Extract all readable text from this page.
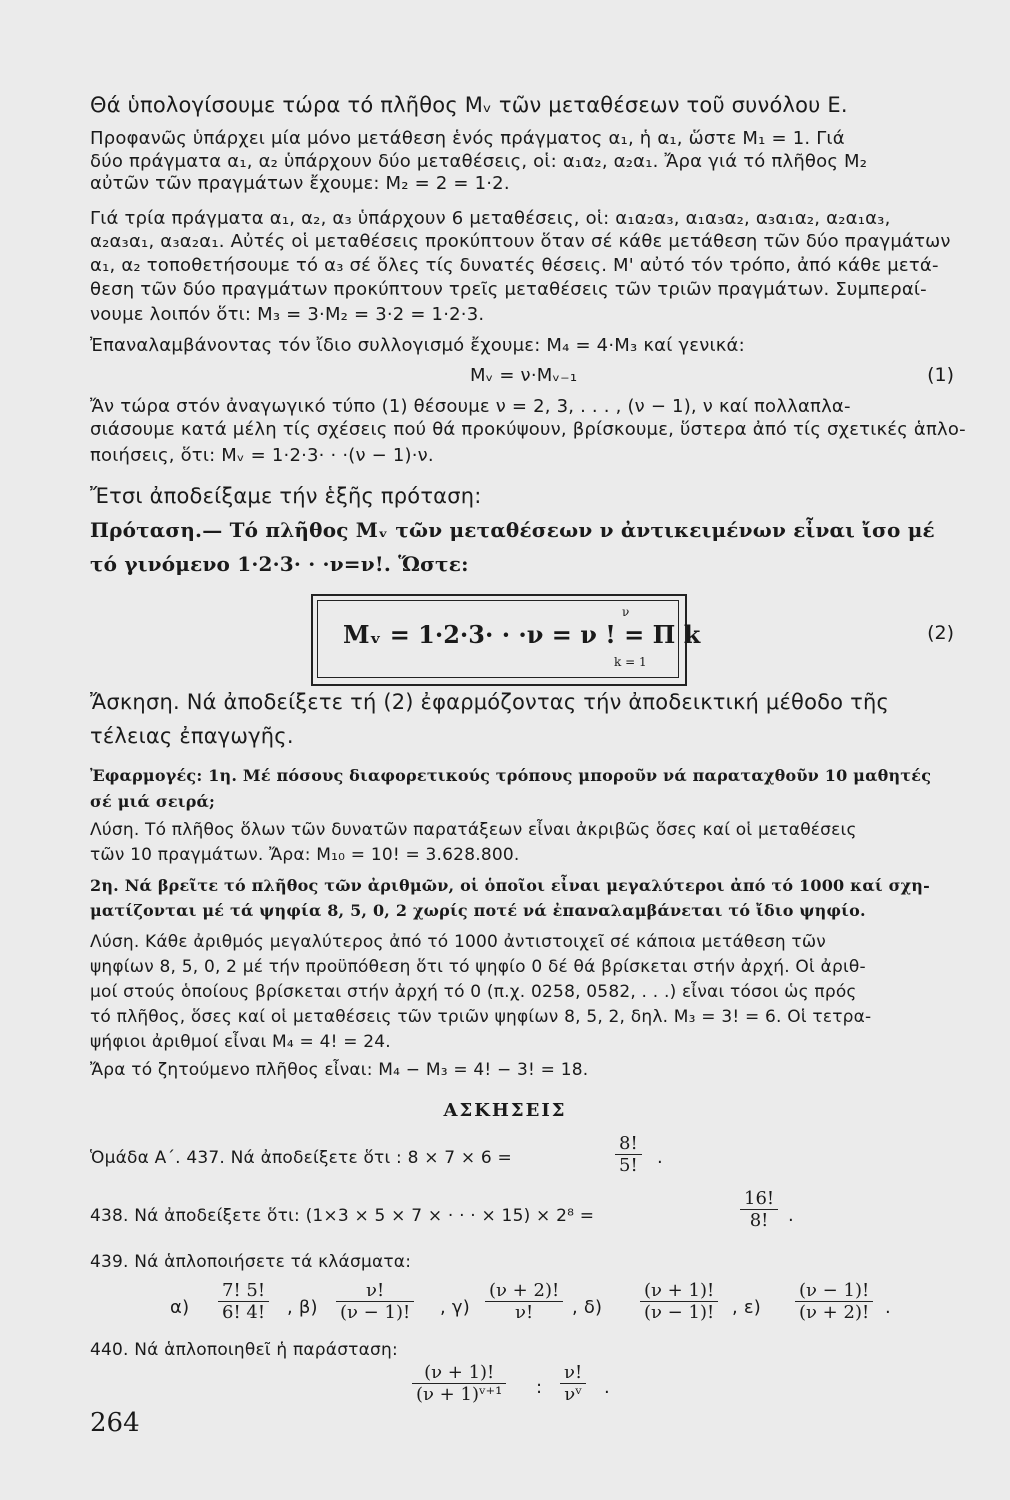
Θά ὑπολογίσουμε τώρα τό πλῆθος Mᵥ τῶν μεταθέσεων τοῦ συνόλου E.
Προφανῶς ὑπάρχει μία μόνο μετάθεση ἑνός πράγματος α₁, ἡ α₁, ὥστε M₁ = 1. Γιά
δύο πράγματα α₁, α₂ ὑπάρχουν δύο μεταθέσεις, οἱ: α₁α₂, α₂α₁. Ἄρα γιά τό πλῆθος M₂
αὐτῶν τῶν πραγμάτων ἔχουμε: M₂ = 2 = 1·2.
Γιά τρία πράγματα α₁, α₂, α₃ ὑπάρχουν 6 μεταθέσεις, οἱ: α₁α₂α₃, α₁α₃α₂, α₃α₁α₂, α₂α₁α₃,
α₂α₃α₁, α₃α₂α₁. Αὐτές οἱ μεταθέσεις προκύπτουν ὅταν σέ κάθε μετάθεση τῶν δύο πραγμάτων
α₁, α₂ τοποθετήσουμε τό α₃ σέ ὅλες τίς δυνατές θέσεις. Μ' αὐτό τόν τρόπο, ἀπό κάθε μετά-
θεση τῶν δύο πραγμάτων προκύπτουν τρεῖς μεταθέσεις τῶν τριῶν πραγμάτων. Συμπεραί-
νουμε λοιπόν ὅτι: M₃ = 3·M₂ = 3·2 = 1·2·3.
Ἐπαναλαμβάνοντας τόν ἴδιο συλλογισμό ἔχουμε: M₄ = 4·M₃ καί γενικά:
Mᵥ = ν·Mᵥ₋₁	(1)
Ἄν τώρα στόν ἀναγωγικό τύπο (1) θέσουμε ν = 2, 3, . . . , (ν − 1), ν καί πολλαπλα-
σιάσουμε κατά μέλη τίς σχέσεις πού θά προκύψουν, βρίσκουμε, ὕστερα ἀπό τίς σχετικές ἁπλο-
ποιήσεις, ὅτι: Mᵥ = 1·2·3· · ·(ν − 1)·ν.
Ἔτσι ἀποδείξαμε τήν ἑξῆς πρόταση:
Πρόταση.— Τό πλῆθος Mᵥ τῶν μεταθέσεων ν ἀντικειμένων εἶναι ἴσο μέ
τό γινόμενο 1·2·3· · ·ν=ν!. Ὥστε:
Mᵥ = 1·2·3· · ·ν = ν ! = Π k
ν
k = 1
(2)
Ἄσκηση. Νά ἀποδείξετε τή (2) ἐφαρμόζοντας τήν ἀποδεικτική μέθοδο τῆς
τέλειας ἐπαγωγῆς.
Ἐφαρμογές: 1η. Μέ πόσους διαφορετικούς τρόπους μποροῦν νά παραταχθοῦν 10 μαθητές
σέ μιά σειρά;
Λύση. Τό πλῆθος ὅλων τῶν δυνατῶν παρατάξεων εἶναι ἀκριβῶς ὅσες καί οἱ μεταθέσεις
τῶν 10 πραγμάτων. Ἄρα: M₁₀ = 10! = 3.628.800.
2η. Νά βρεῖτε τό πλῆθος τῶν ἀριθμῶν, οἱ ὁποῖοι εἶναι μεγαλύτεροι ἀπό τό 1000 καί σχη-
ματίζονται μέ τά ψηφία 8, 5, 0, 2 χωρίς ποτέ νά ἐπαναλαμβάνεται τό ἴδιο ψηφίο.
Λύση. Κάθε ἀριθμός μεγαλύτερος ἀπό τό 1000 ἀντιστοιχεῖ σέ κάποια μετάθεση τῶν
ψηφίων 8, 5, 0, 2 μέ τήν προϋπόθεση ὅτι τό ψηφίο 0 δέ θά βρίσκεται στήν ἀρχή. Οἱ ἀριθ-
μοί στούς ὁποίους βρίσκεται στήν ἀρχή τό 0 (π.χ. 0258, 0582, . . .) εἶναι τόσοι ὡς πρός
τό πλῆθος, ὅσες καί οἱ μεταθέσεις τῶν τριῶν ψηφίων 8, 5, 2, δηλ. M₃ = 3! = 6. Οἱ τετρα-
ψήφιοι ἀριθμοί εἶναι M₄ = 4! = 24.
Ἄρα τό ζητούμενο πλῆθος εἶναι: M₄ − M₃ = 4! − 3! = 18.
ΑΣΚΗΣΕΙΣ
Ὁμάδα Α΄. 437. Νά ἀποδείξετε ὅτι : 8 × 7 × 6 =	$\frac{8!}{5!}$ .
438. Νά ἀποδείξετε ὅτι: (1×3 × 5 × 7 × · · · × 15) × 2⁸ =	$\frac{16!}{8!}$ .
439. Νά ἁπλοποιήσετε τά κλάσματα:
$\alpha) \frac{7! 5!}{6! 4!}$ , $\beta) \frac{\nu!}{(\nu - 1)!}$ , $\gamma) \frac{(\nu + 2)!}{\nu!}$ , $\delta) \frac{(\nu + 1)!}{(\nu - 1)!}$ , $\varepsilon) \frac{(\nu - 1)!}{(\nu + 2)!}$ .
440. Νά ἁπλοποιηθεῖ ἡ παράσταση:
$\frac{(\nu + 1)!}{\text{(ν + 1)ᵛ⁺¹}}$ : $\frac{\nu!}{\text{νᵛ}}$ .
264
